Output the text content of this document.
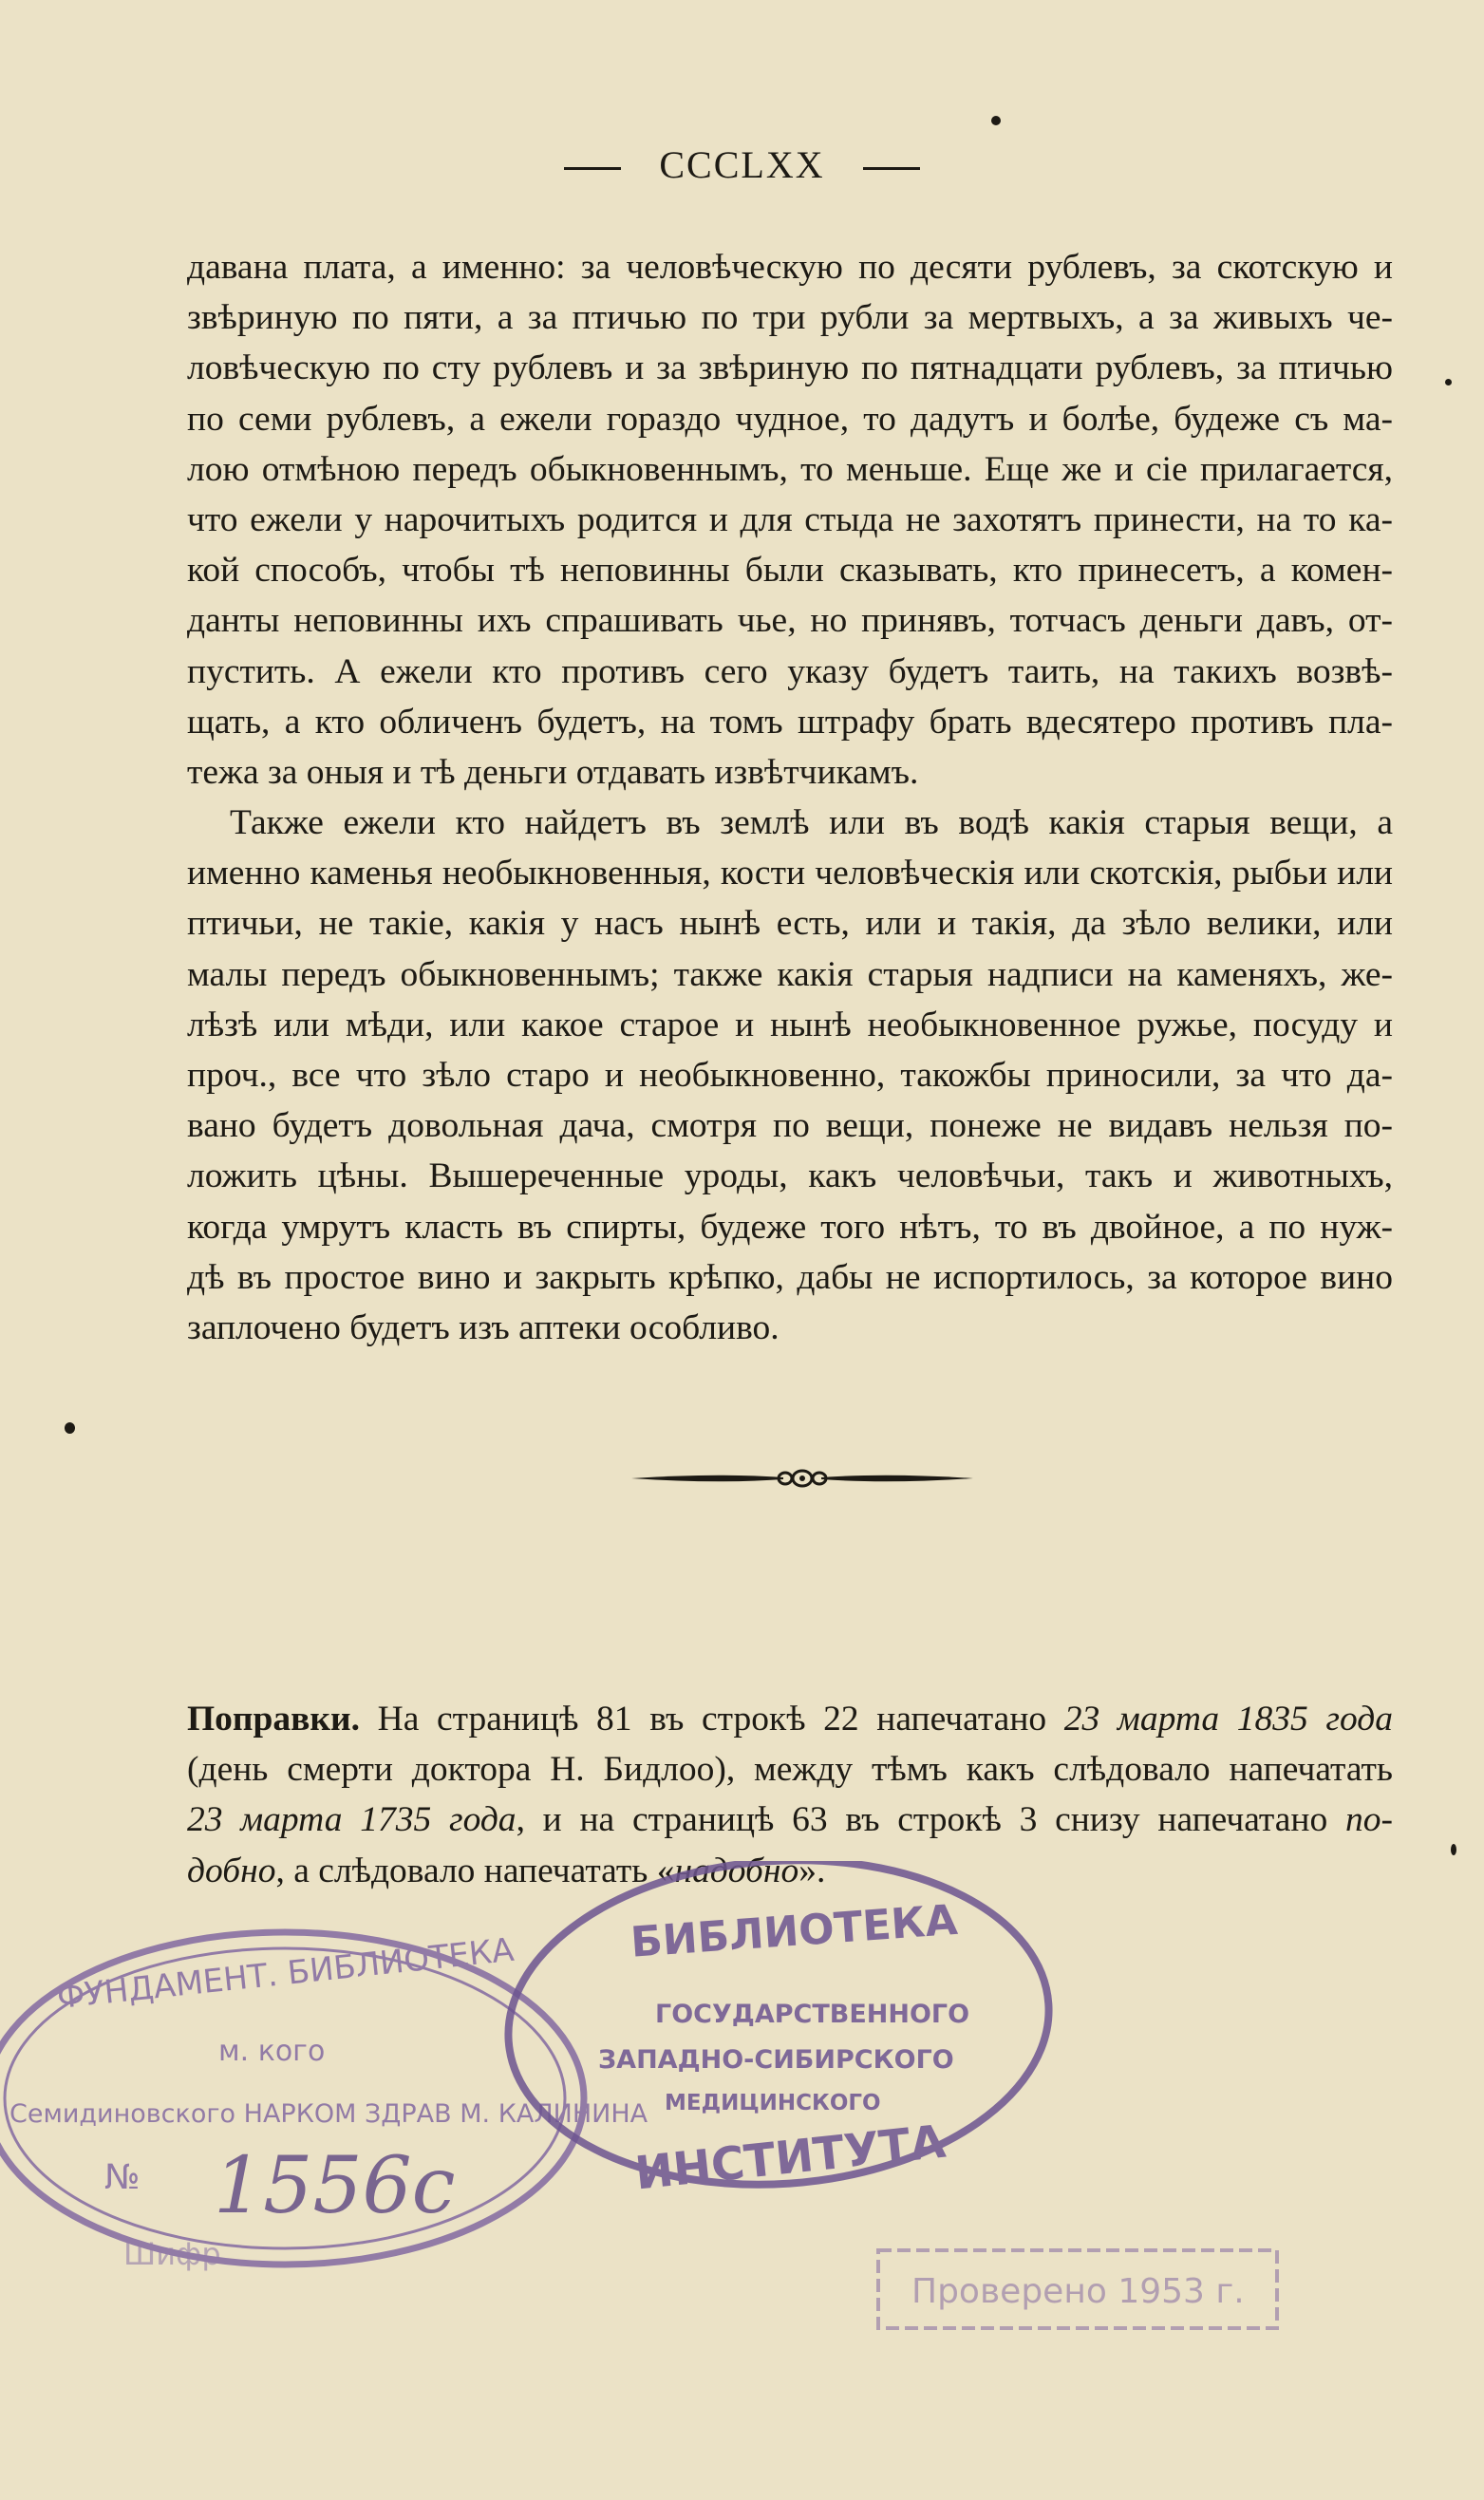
CCCLXX
давана плата, а именно: за человѣческую по десяти рублевъ, за скотскую и
звѣриную по пяти, а за птичью по три рубли за мертвыхъ, а за живыхъ че-
ловѣческую по сту рублевъ и за звѣриную по пятнадцати рублевъ, за птичью
по семи рублевъ, а ежели гораздо чудное, то дадутъ и болѣе, будеже съ ма-
лою отмѣною передъ обыкновеннымъ, то меньше. Еще же и сіе прилагается,
что ежели у нарочитыхъ родится и для стыда не захотятъ принести, на то ка-
кой способъ, чтобы тѣ неповинны были сказывать, кто принесетъ, а комен-
данты неповинны ихъ спрашивать чье, но принявъ, тотчасъ деньги давъ, от-
пустить. А ежели кто противъ сего указу будетъ таить, на такихъ возвѣ-
щать, а кто обличенъ будетъ, на томъ штрафу брать вдесятеро противъ пла-
тежа за оныя и тѣ деньги отдавать извѣтчикамъ.
Также ежели кто найдетъ въ землѣ или въ водѣ какія старыя вещи, а
именно каменья необыкновенныя, кости человѣческія или скотскія, рыбьи или
птичьи, не такіе, какія у насъ нынѣ есть, или и такія, да зѣло велики, или
малы передъ обыкновеннымъ; также какія старыя надписи на каменяхъ, же-
лѣзѣ или мѣди, или какое старое и нынѣ необыкновенное ружье, посуду и
проч., все что зѣло старо и необыкновенно, такожбы приносили, за что да-
вано будетъ довольная дача, смотря по вещи, понеже не видавъ нельзя по-
ложить цѣны. Вышереченные уроды, какъ человѣчьи, такъ и животныхъ,
когда умрутъ класть въ спирты, будеже того нѣтъ, то въ двойное, а по нуж-
дѣ въ простое вино и закрыть крѣпко, дабы не испортилось, за которое вино
заплочено будетъ изъ аптеки особливо.
Поправки. На страницѣ 81 въ строкѣ 22 напечатано 23 марта 1835 года
(день смерти доктора Н. Бидлоо), между тѣмъ какъ слѣдовало напечатать
23 марта 1735 года, и на страницѣ 63 въ строкѣ 3 снизу напечатано по-
добно, а слѣдовало напечатать «надобно».
ФУНДАМЕНТ. БИБЛИОТЕКА
м. кого
Семидиновского НАРКОМ ЗДРАВ М. КАЛИНИНА
№ 1556с
Шифр
БИБЛИОТЕКА
ГОСУДАРСТВЕННОГО
ЗАПАДНО-СИБИРСКОГО
МЕДИЦИНСКОГО
ИНСТИТУТА
Проверено 1953 г.
